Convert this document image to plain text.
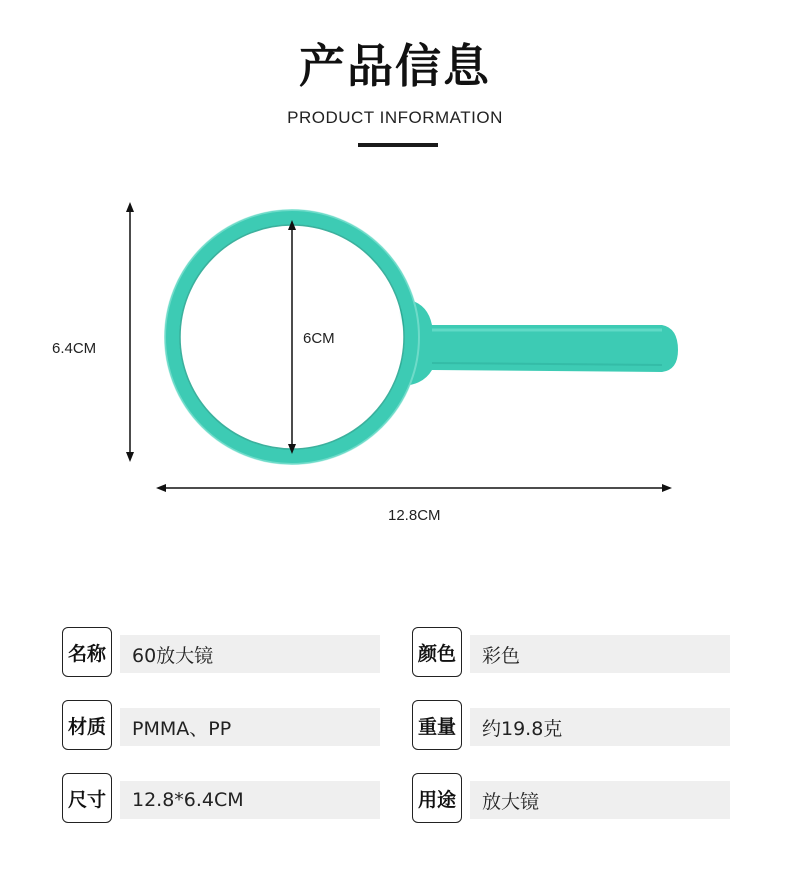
产品信息
PRODUCT INFORMATION
6.4CM
6CM
12.8CM
名称	60放大镜	颜色	彩色
材质	PMMA、PP	重量	约19.8克
尺寸	12.8*6.4CM	用途	放大镜
